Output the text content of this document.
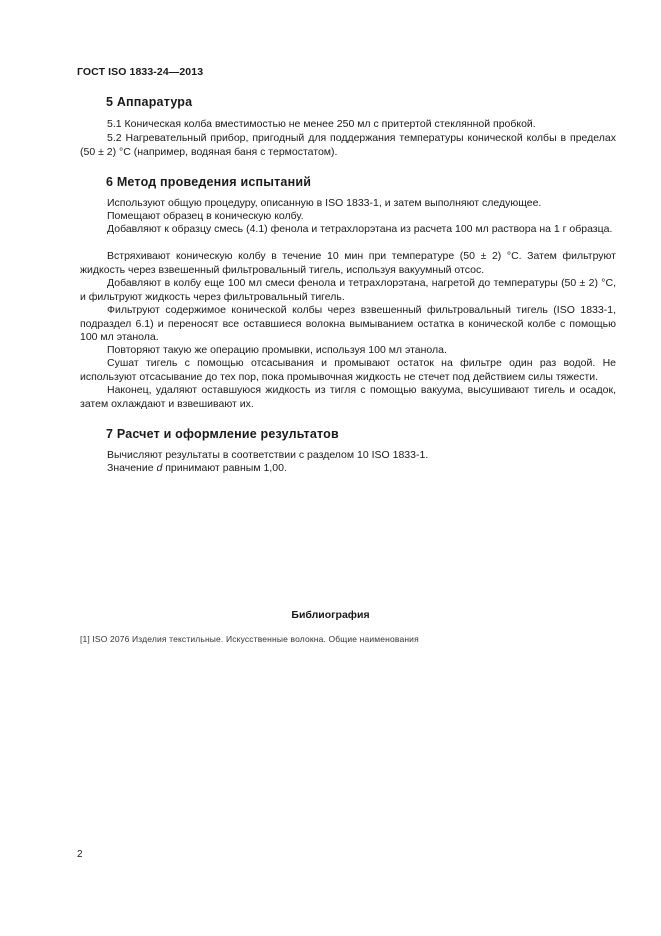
ГОСТ ISO 1833-24—2013
5 Аппаратура
5.1 Коническая колба вместимостью не менее 250 мл с притертой стеклянной пробкой.
5.2 Нагревательный прибор, пригодный для поддержания температуры конической колбы в пределах (50 ± 2) °С (например, водяная баня с термостатом).
6 Метод проведения испытаний
Используют общую процедуру, описанную в ISO 1833-1, и затем выполняют следующее.
Помещают образец в коническую колбу.
Добавляют к образцу смесь (4.1) фенола и тетрахлорэтана из расчета 100 мл раствора на 1 г образца.
Встряхивают коническую колбу в течение 10 мин при температуре (50 ± 2) °С. Затем фильтруют жидкость через взвешенный фильтровальный тигель, используя вакуумный отсос.
Добавляют в колбу еще 100 мл смеси фенола и тетрахлорэтана, нагретой до температуры (50 ± 2) °С, и фильтруют жидкость через фильтровальный тигель.
Фильтруют содержимое конической колбы через взвешенный фильтровальный тигель (ISO 1833-1, подраздел 6.1) и переносят все оставшиеся волокна вымыванием остатка в конической колбе с помощью 100 мл этанола.
Повторяют такую же операцию промывки, используя 100 мл этанола.
Сушат тигель с помощью отсасывания и промывают остаток на фильтре один раз водой. Не используют отсасывание до тех пор, пока промывочная жидкость не стечет под действием силы тяжести.
Наконец, удаляют оставшуюся жидкость из тигля с помощью вакуума, высушивают тигель и осадок, затем охлаждают и взвешивают их.
7 Расчет и оформление результатов
Вычисляют результаты в соответствии с разделом 10 ISO 1833-1.
Значение d принимают равным 1,00.
Библиография
[1] ISO 2076 Изделия текстильные. Искусственные волокна. Общие наименования
2
